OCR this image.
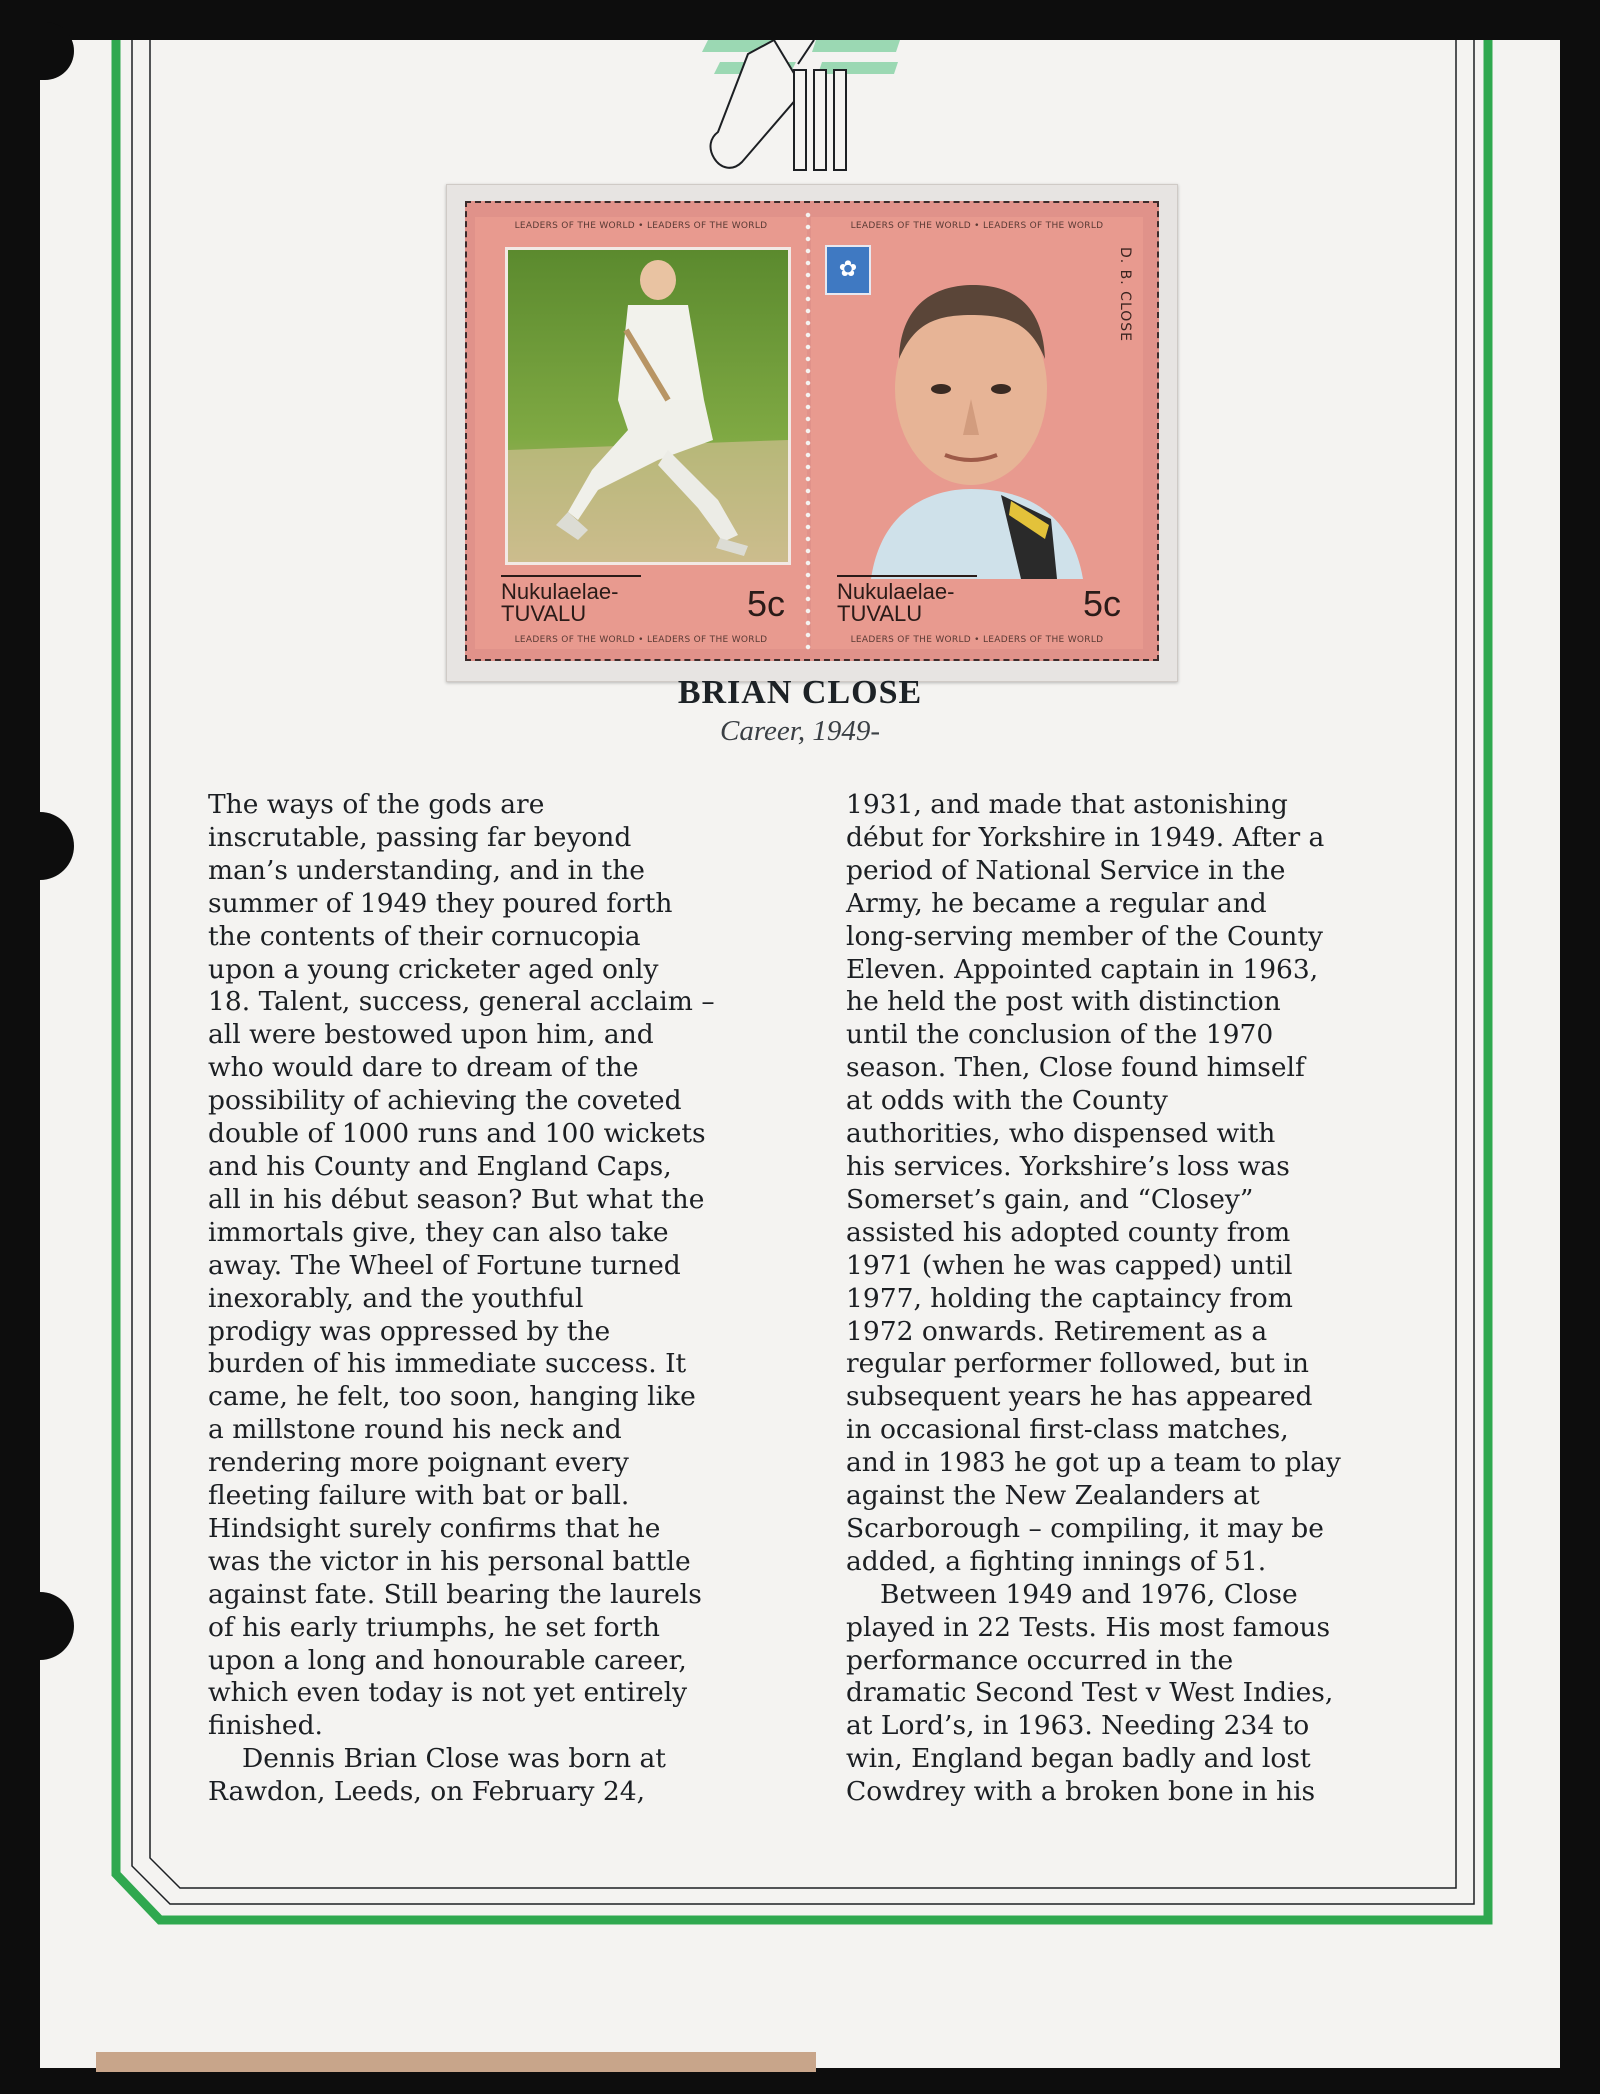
LEADERS OF THE WORLD • LEADERS OF THE WORLD
Nukulaelae-
TUVALU	5c
LEADERS OF THE WORLD • LEADERS OF THE WORLD
LEADERS OF THE WORLD • LEADERS OF THE WORLD
✿	D. B. CLOSE
Nukulaelae-
TUVALU	5c
LEADERS OF THE WORLD • LEADERS OF THE WORLD
BRIAN CLOSE
Career, 1949-

The ways of the gods are

inscrutable, passing far beyond

man’s understanding, and in the

summer of 1949 they poured forth

the contents of their cornucopia

upon a young cricketer aged only

18. Talent, success, general acclaim –

all were bestowed upon him, and

who would dare to dream of the

possibility of achieving the coveted

double of 1000 runs and 100 wickets

and his County and England Caps,

all in his début season? But what the

immortals give, they can also take

away. The Wheel of Fortune turned

inexorably, and the youthful

prodigy was oppressed by the

burden of his immediate success. It

came, he felt, too soon, hanging like

a millstone round his neck and

rendering more poignant every

fleeting failure with bat or ball.

Hindsight surely confirms that he

was the victor in his personal battle

against fate. Still bearing the laurels

of his early triumphs, he set forth

upon a long and honourable career,

which even today is not yet entirely

finished.

Dennis Brian Close was born at

Rawdon, Leeds, on February 24,

1931, and made that astonishing

début for Yorkshire in 1949. After a

period of National Service in the

Army, he became a regular and

long-serving member of the County

Eleven. Appointed captain in 1963,

he held the post with distinction

until the conclusion of the 1970

season. Then, Close found himself

at odds with the County

authorities, who dispensed with

his services. Yorkshire’s loss was

Somerset’s gain, and “Closey”

assisted his adopted county from

1971 (when he was capped) until

1977, holding the captaincy from

1972 onwards. Retirement as a

regular performer followed, but in

subsequent years he has appeared

in occasional first-class matches,

and in 1983 he got up a team to play

against the New Zealanders at

Scarborough – compiling, it may be

added, a fighting innings of 51.

Between 1949 and 1976, Close

played in 22 Tests. His most famous

performance occurred in the

dramatic Second Test v West Indies,

at Lord’s, in 1963. Needing 234 to

win, England began badly and lost

Cowdrey with a broken bone in his
